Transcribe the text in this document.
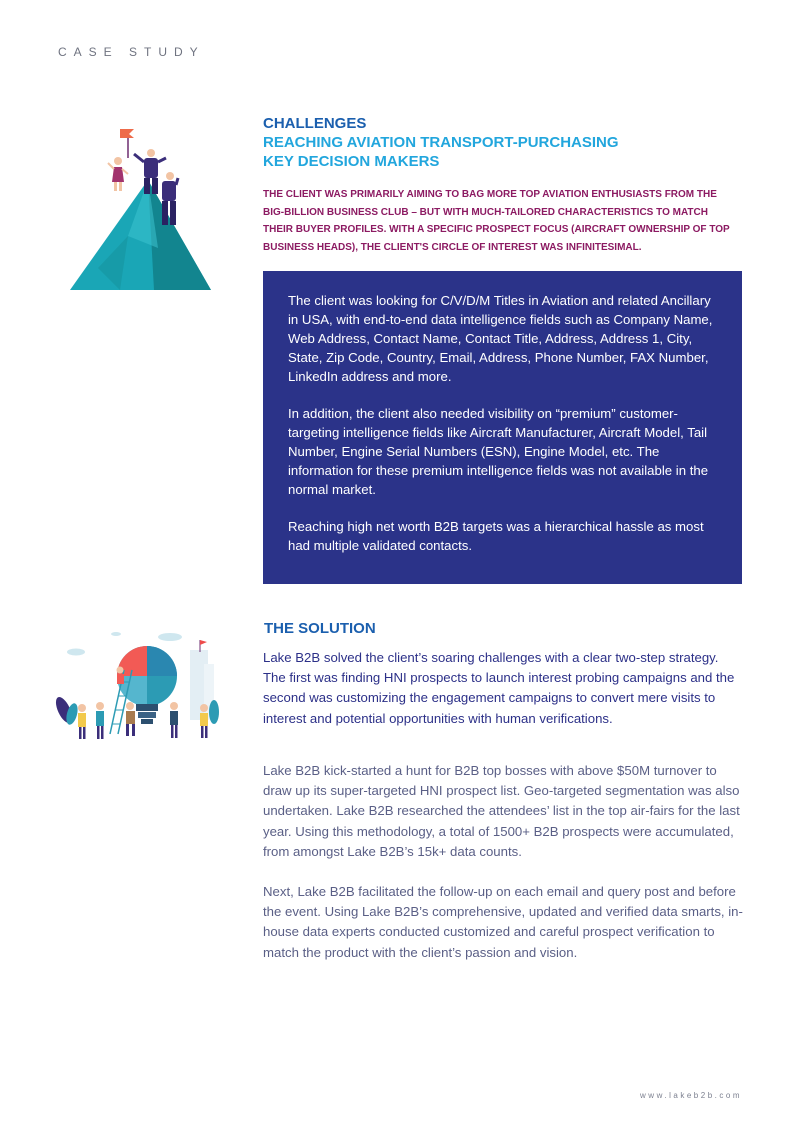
CASE STUDY
CHALLENGES
REACHING AVIATION TRANSPORT-PURCHASING
KEY DECISION MAKERS
THE CLIENT WAS PRIMARILY AIMING TO BAG MORE TOP AVIATION ENTHUSIASTS FROM THE BIG-BILLION BUSINESS CLUB – BUT WITH MUCH-TAILORED CHARACTERISTICS TO MATCH THEIR BUYER PROFILES. WITH A SPECIFIC PROSPECT FOCUS (AIRCRAFT OWNERSHIP OF TOP BUSINESS HEADS), THE CLIENT'S CIRCLE OF INTEREST WAS INFINITESIMAL.

The client was looking for C/V/D/M Titles in Aviation and related Ancillary in USA, with end-to-end data intelligence fields such as Company Name, Web Address, Contact Name, Contact Title, Address, Address 1, City, State, Zip Code, Country, Email, Address, Phone Number, FAX Number, LinkedIn address and more.

In addition, the client also needed visibility on “premium” customer-targeting intelligence fields like Aircraft Manufacturer, Aircraft Model, Tail Number, Engine Serial Numbers (ESN), Engine Model, etc. The information for these premium intelligence fields was not available in the normal market.

Reaching high net worth B2B targets was a hierarchical hassle as most had multiple validated contacts.

THE SOLUTION
Lake B2B solved the client’s soaring challenges with a clear two-step strategy. The first was finding HNI prospects to launch interest probing campaigns and the second was customizing the engagement campaigns to convert mere visits to interest and potential opportunities with human verifications.

Lake B2B kick-started a hunt for B2B top bosses with above $50M turnover to draw up its super-targeted HNI prospect list. Geo-targeted segmentation was also undertaken. Lake B2B researched the attendees’ list in the top air-fairs for the last year. Using this methodology, a total of 1500+ B2B prospects were accumulated, from amongst Lake B2B’s 15k+ data counts.

Next, Lake B2B facilitated the follow-up on each email and query post and before the event. Using Lake B2B’s comprehensive, updated and verified data smarts, in-house data experts conducted customized and careful prospect verification to match the product with the client’s passion and vision.

www.lakeb2b.com
